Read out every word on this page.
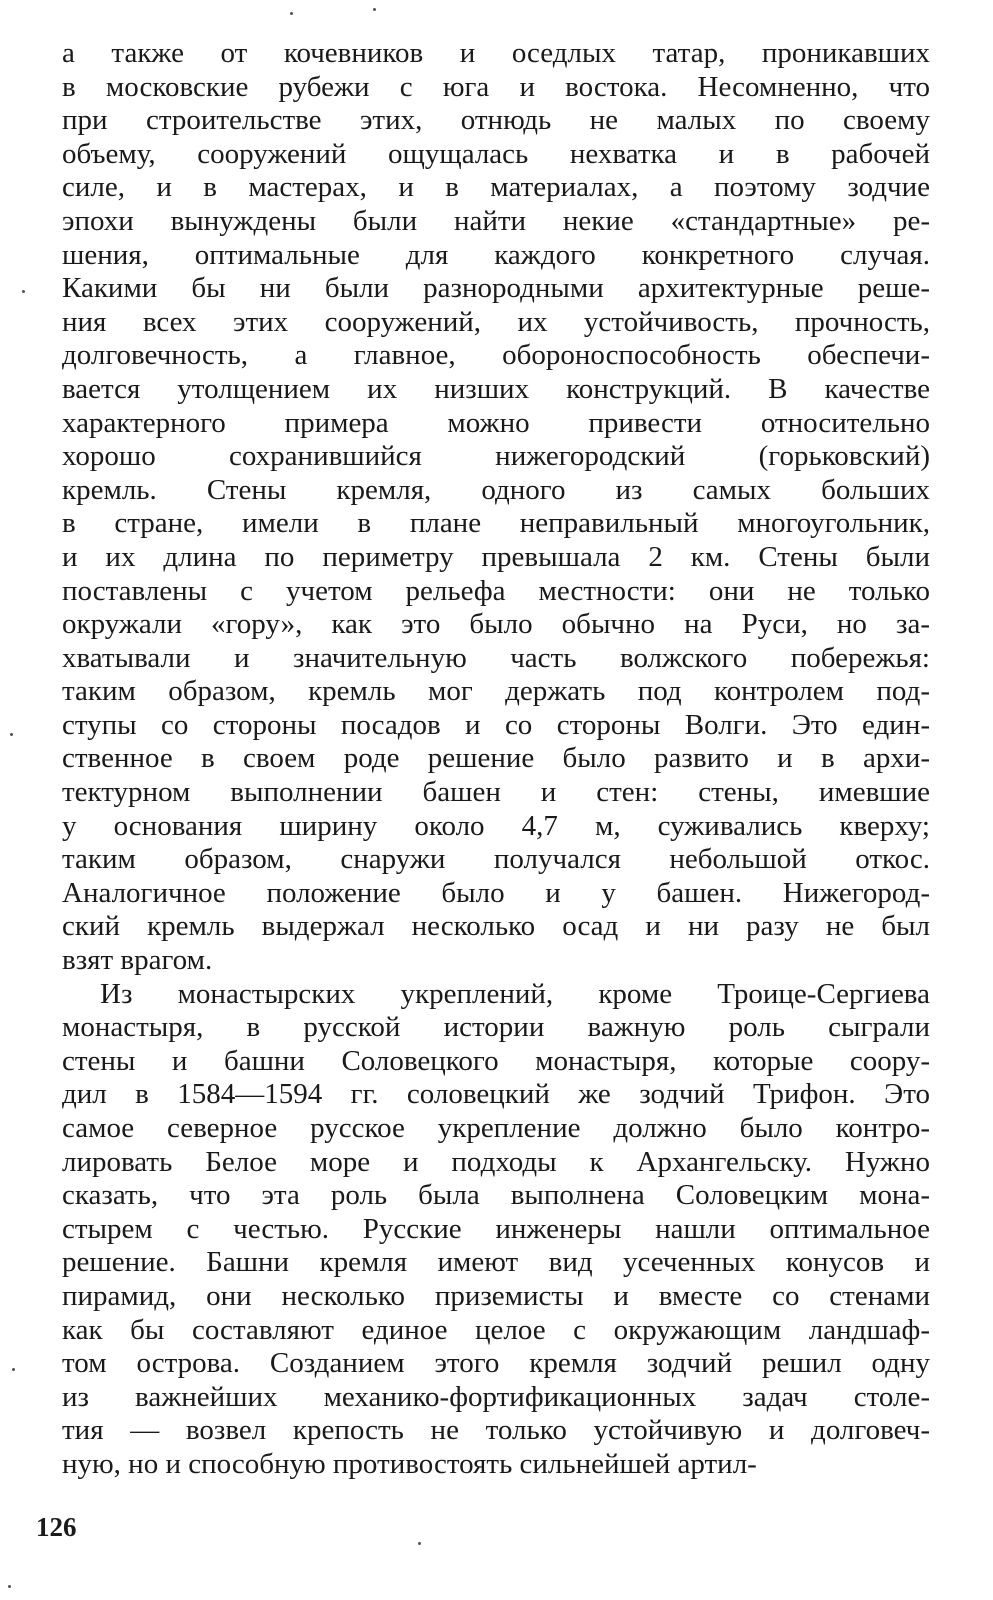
а также от кочевников и оседлых татар, проникавших
в московские рубежи с юга и востока. Несомненно, что
при строительстве этих, отнюдь не малых по своему
объему, сооружений ощущалась нехватка и в рабочей
силе, и в мастерах, и в материалах, а поэтому зодчие
эпохи вынуждены были найти некие «стандартные» ре-
шения, оптимальные для каждого конкретного случая.
Какими бы ни были разнородными архитектурные реше-
ния всех этих сооружений, их устойчивость, прочность,
долговечность, а главное, обороноспособность обеспечи-
вается утолщением их низших конструкций. В качестве
характерного примера можно привести относительно
хорошо сохранившийся нижегородский (горьковский)
кремль. Стены кремля, одного из самых больших
в стране, имели в плане неправильный многоугольник,
и их длина по периметру превышала 2 км. Стены были
поставлены с учетом рельефа местности: они не только
окружали «гору», как это было обычно на Руси, но за-
хватывали и значительную часть волжского побережья:
таким образом, кремль мог держать под контролем под-
ступы со стороны посадов и со стороны Волги. Это един-
ственное в своем роде решение было развито и в архи-
тектурном выполнении башен и стен: стены, имевшие
у основания ширину около 4,7 м, суживались кверху;
таким образом, снаружи получался небольшой откос.
Аналогичное положение было и у башен. Нижегород-
ский кремль выдержал несколько осад и ни разу не был
взят врагом.
Из монастырских укреплений, кроме Троице-Сергиева
монастыря, в русской истории важную роль сыграли
стены и башни Соловецкого монастыря, которые соору-
дил в 1584—1594 гг. соловецкий же зодчий Трифон. Это
самое северное русское укрепление должно было контро-
лировать Белое море и подходы к Архангельску. Нужно
сказать, что эта роль была выполнена Соловецким мона-
стырем с честью. Русские инженеры нашли оптимальное
решение. Башни кремля имеют вид усеченных конусов и
пирамид, они несколько приземисты и вместе со стенами
как бы составляют единое целое с окружающим ландшаф-
том острова. Созданием этого кремля зодчий решил одну
из важнейших механико-фортификационных задач столе-
тия — возвел крепость не только устойчивую и долговеч-
ную, но и способную противостоять сильнейшей артил-
126
